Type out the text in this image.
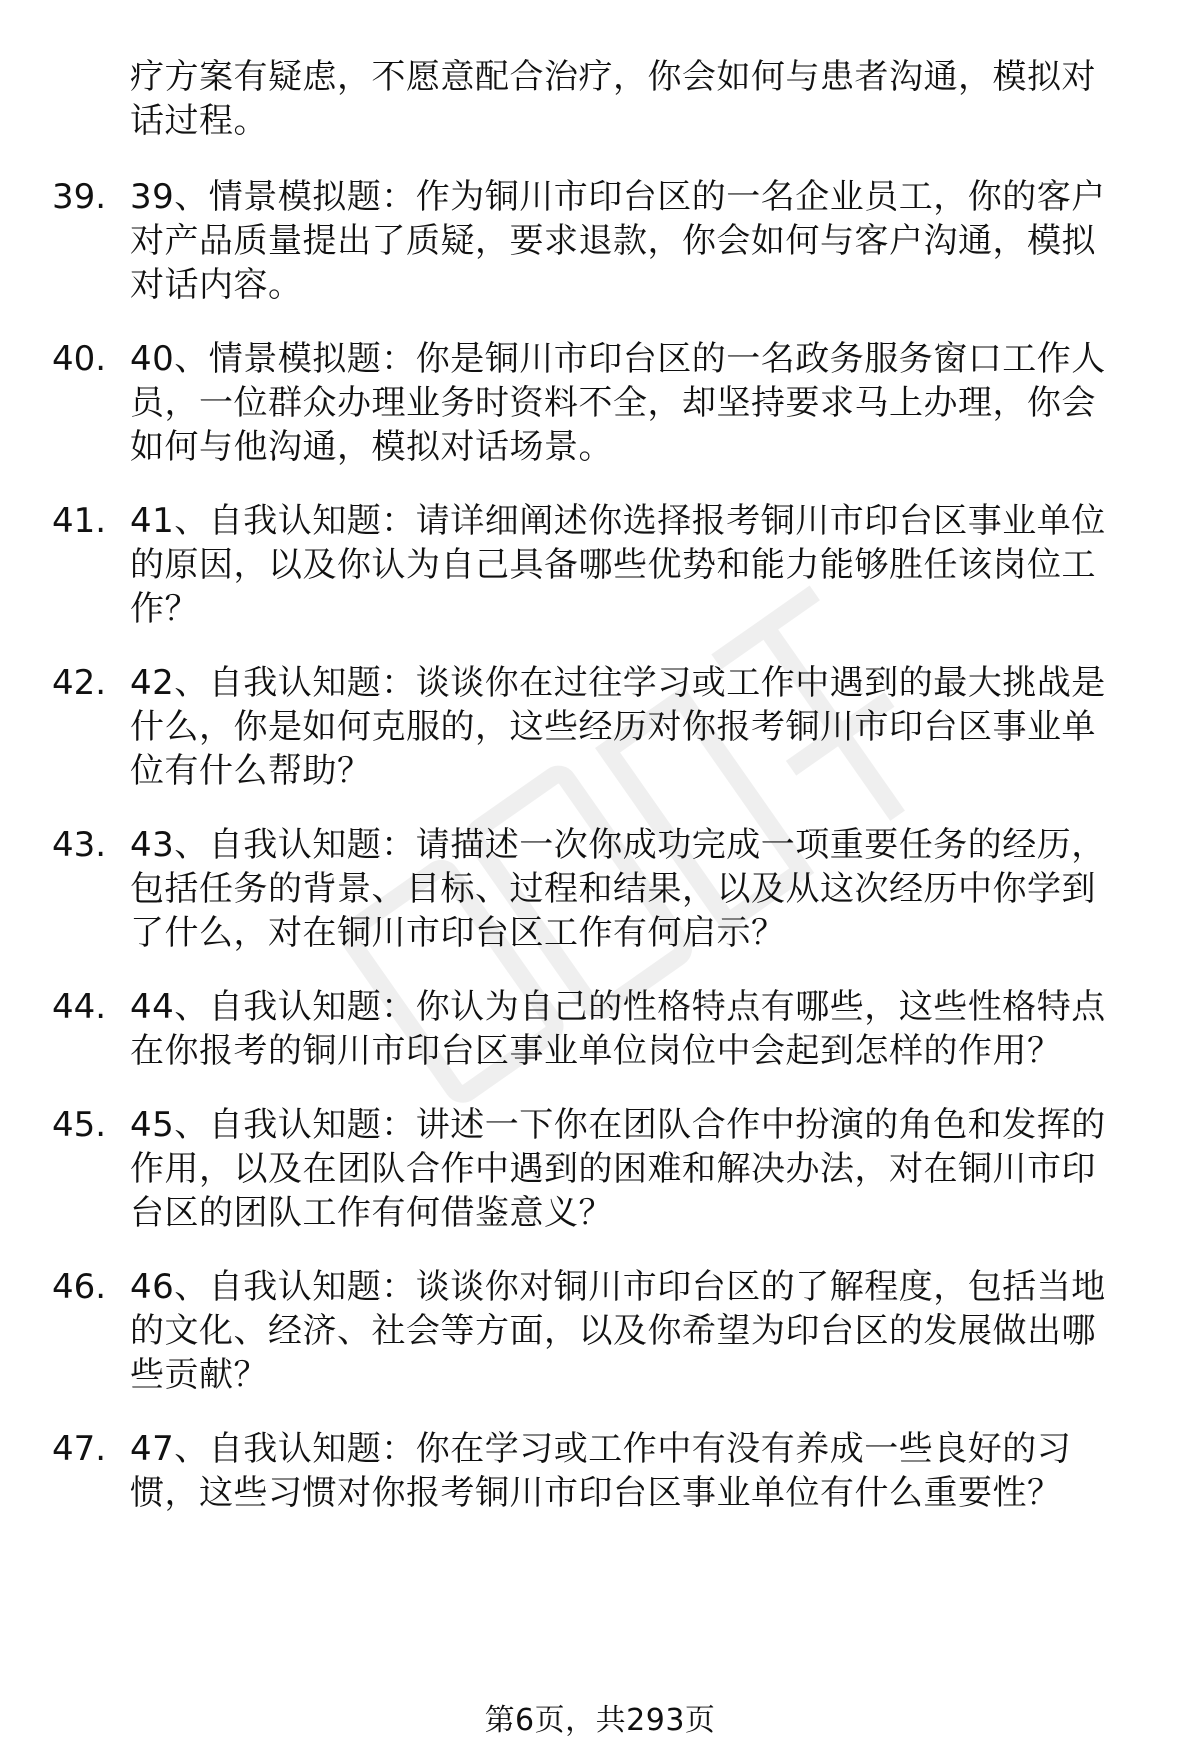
疗方案有疑虑，不愿意配合治疗，你会如何与患者沟通，模拟对
话过程。
39. 39、情景模拟题：作为铜川市印台区的一名企业员工，你的客户
对产品质量提出了质疑，要求退款，你会如何与客户沟通，模拟
对话内容。
40. 40、情景模拟题：你是铜川市印台区的一名政务服务窗口工作人
员，一位群众办理业务时资料不全，却坚持要求马上办理，你会
如何与他沟通，模拟对话场景。
41. 41、自我认知题：请详细阐述你选择报考铜川市印台区事业单位
的原因，以及你认为自己具备哪些优势和能力能够胜任该岗位工
作？
42. 42、自我认知题：谈谈你在过往学习或工作中遇到的最大挑战是
什么，你是如何克服的，这些经历对你报考铜川市印台区事业单
位有什么帮助？
43. 43、自我认知题：请描述一次你成功完成一项重要任务的经历，
包括任务的背景、目标、过程和结果，以及从这次经历中你学到
了什么，对在铜川市印台区工作有何启示？
44. 44、自我认知题：你认为自己的性格特点有哪些，这些性格特点
在你报考的铜川市印台区事业单位岗位中会起到怎样的作用？
45. 45、自我认知题：讲述一下你在团队合作中扮演的角色和发挥的
作用，以及在团队合作中遇到的困难和解决办法，对在铜川市印
台区的团队工作有何借鉴意义？
46. 46、自我认知题：谈谈你对铜川市印台区的了解程度，包括当地
的文化、经济、社会等方面，以及你希望为印台区的发展做出哪
些贡献？
47. 47、自我认知题：你在学习或工作中有没有养成一些良好的习
惯，这些习惯对你报考铜川市印台区事业单位有什么重要性？
第6页，共293页
